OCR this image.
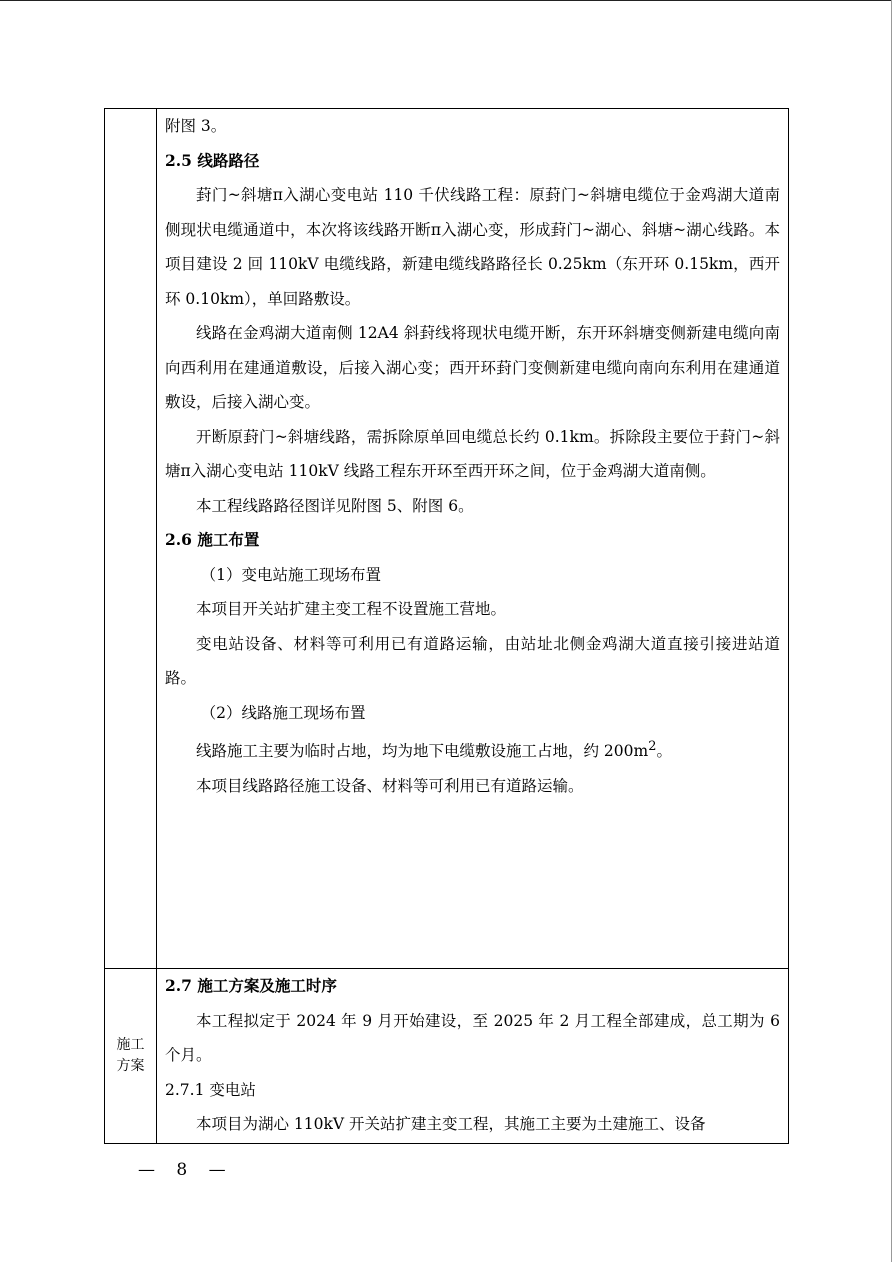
附图 3。

2.5 线路路径

葑门~斜塘π入湖心变电站 110 千伏线路工程：原葑门~斜塘电缆位于金鸡湖大道南侧现状电缆通道中，本次将该线路开断π入湖心变，形成葑门~湖心、斜塘~湖心线路。本项目建设 2 回 110kV 电缆线路，新建电缆线路路径长 0.25km（东开环 0.15km，西开环 0.10km），单回路敷设。

线路在金鸡湖大道南侧 12A4 斜葑线将现状电缆开断，东开环斜塘变侧新建电缆向南向西利用在建通道敷设，后接入湖心变；西开环葑门变侧新建电缆向南向东利用在建通道敷设，后接入湖心变。

开断原葑门~斜塘线路，需拆除原单回电缆总长约 0.1km。拆除段主要位于葑门~斜塘π入湖心变电站 110kV 线路工程东开环至西开环之间，位于金鸡湖大道南侧。

本工程线路路径图详见附图 5、附图 6。

2.6 施工布置

（1）变电站施工现场布置

本项目开关站扩建主变工程不设置施工营地。

变电站设备、材料等可利用已有道路运输，由站址北侧金鸡湖大道直接引接进站道路。

（2）线路施工现场布置

线路施工主要为临时占地，均为地下电缆敷设施工占地，约 $200m^2$。

本项目线路路径施工设备、材料等可利用已有道路运输。

施工
方案

2.7 施工方案及施工时序

本工程拟定于 2024 年 9 月开始建设，至 2025 年 2 月工程全部建成，总工期为 6 个月。

2.7.1 变电站

本项目为湖心 110kV 开关站扩建主变工程，其施工主要为土建施工、设备

— 8 —
